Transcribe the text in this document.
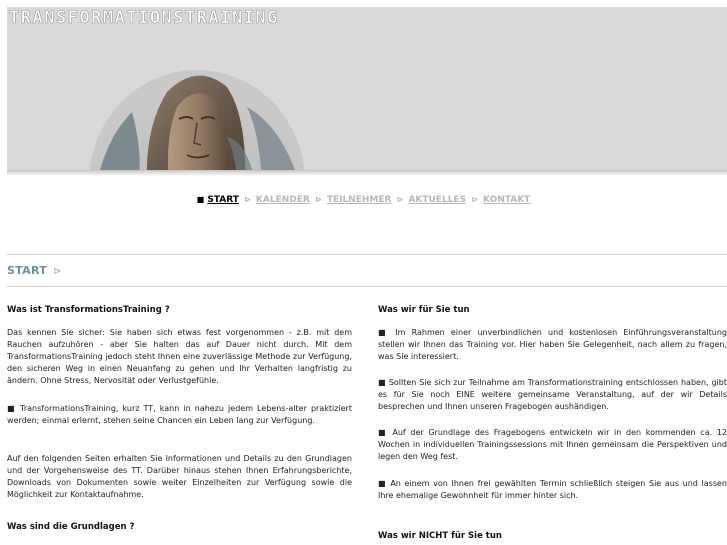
TRANSFORMATIONSTRAINING
■ START ⊳ KALENDER ⊳ TEILNEHMER ⊳ AKTUELLES ⊳ KONTAKT
START ⊳
Was ist TransformationsTraining ?

Das kennen Sie sicher: Sie haben sich etwas fest vorgenommen - z.B. mit dem Rauchen aufzuhören - aber Sie halten das auf Dauer nicht durch. Mit dem TransformationsTraining jedoch steht Ihnen eine zuverlässige Methode zur Verfügung, den sicheren Weg in einen Neuanfang zu gehen und Ihr Verhalten langfristig zu ändern. Ohne Stress, Nervosität oder Verlustgefühle.

■ TransformationsTraining, kurz TT, kann in nahezu jedem Lebens-alter praktiziert werden; einmal erlernt, stehen seine Chancen ein Leben lang zur Verfügung.

Auf den folgenden Seiten erhalten Sie Informationen und Details zu den Grundlagen und der Vorgehensweise des TT. Darüber hinaus stehen Ihnen Erfahrungsberichte, Downloads von Dokumenten sowie weiter Einzelheiten zur Verfügung sowie die Möglichkeit zur Kontaktaufnahme.

Was sind die Grundlagen ?
Was wir für Sie tun

■ Im Rahmen einer unverbindlichen und kostenlosen Einführungsveranstaltung stellen wir Ihnen das Training vor. Hier haben Sie Gelegenheit, nach allem zu fragen, was Sie interessiert.

■ Sollten Sie sich zur Teilnahme am Transformationstraining entschlossen haben, gibt es für Sie noch EINE weitere gemeinsame Veranstaltung, auf der wir Details besprechen und Ihnen unseren Fragebogen aushändigen.

■ Auf der Grundlage des Fragebogens entwickeln wir in den kommenden ca. 12 Wochen in individuellen Trainingssessions mit Ihnen gemeinsam die Perspektiven und legen den Weg fest.

■ An einem von Ihnen frei gewählten Termin schließlich steigen Sie aus und lassen Ihre ehemalige Gewohnheit für immer hinter sich.

Was wir NICHT für Sie tun
